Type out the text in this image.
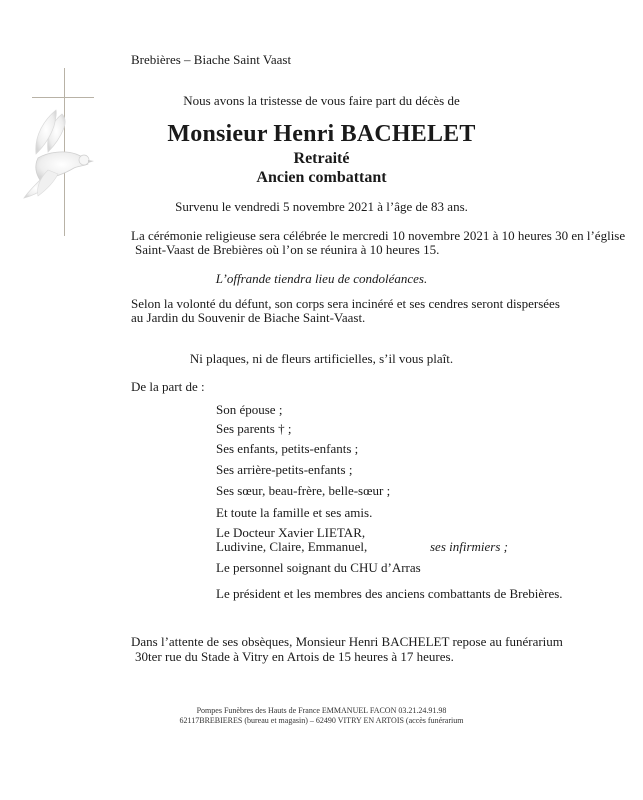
Brebières – Biache Saint Vaast
Nous avons la tristesse de vous faire part du décès de
Monsieur Henri BACHELET
Retraité
Ancien combattant
Survenu le vendredi 5 novembre 2021 à l’âge de 83 ans.
La cérémonie religieuse sera célébrée le mercredi 10 novembre 2021 à 10 heures 30 en l’église
Saint-Vaast de Brebières où l’on se réunira à 10 heures 15.
L’offrande tiendra lieu de condoléances.
Selon la volonté du défunt, son corps sera incinéré et ses cendres seront dispersées
au Jardin du Souvenir de Biache Saint-Vaast.
Ni plaques, ni de fleurs artificielles, s’il vous plaît.
De la part de :
Son épouse ;
Ses parents † ;
Ses enfants, petits-enfants ;
Ses arrière-petits-enfants ;
Ses sœur, beau-frère, belle-sœur ;
Et toute la famille et ses amis.
Le Docteur Xavier LIETAR,
Ludivine, Claire, Emmanuel,	ses infirmiers ;
Le personnel soignant du CHU d’Arras
Le président et les membres des anciens combattants de Brebières.
Dans l’attente de ses obsèques, Monsieur Henri BACHELET repose au funérarium
30ter rue du Stade à Vitry en Artois de 15 heures à 17 heures.
Pompes Funèbres des Hauts de France EMMANUEL FACON 03.21.24.91.98
62117BREBIERES (bureau et magasin) – 62490 VITRY EN ARTOIS (accès funérarium
